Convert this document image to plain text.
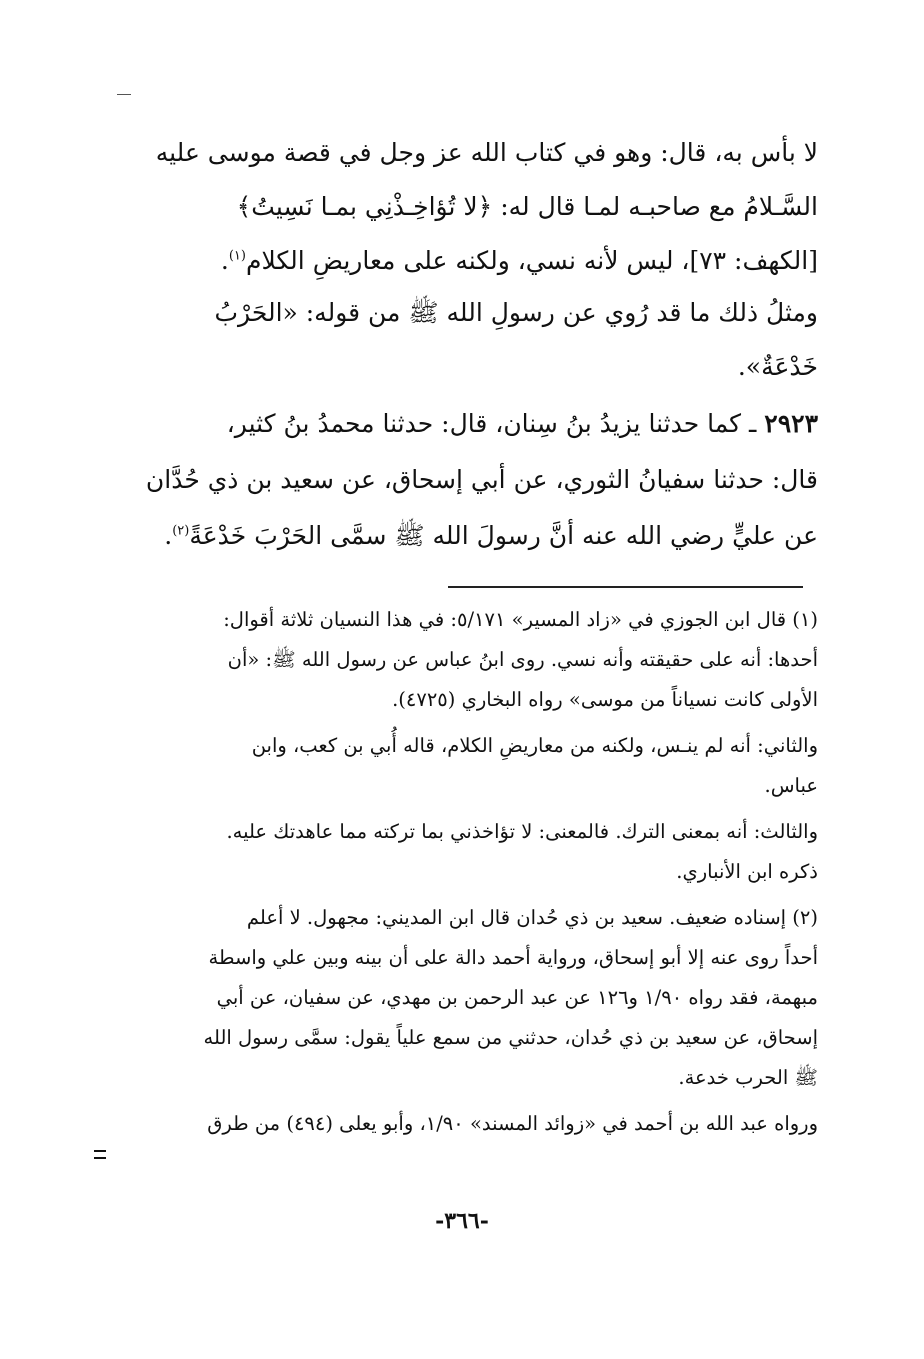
لا بأس به، قال: وهو في كتاب الله عز وجل في قصة موسى عليه
السَّـلامُ مع صاحبـه لمـا قال له: ﴿لا تُؤاخِـذْنِي بمـا نَسِيتُ﴾
[الكهف: ٧٣]، ليس لأنه نسي، ولكنه على معاريضِ الكلام$^{(١)}$.
ومثلُ ذلك ما قد رُوي عن رسولِ الله ﷺ من قوله: «الحَرْبُ
خَدْعَةٌ».
٢٩٢٣ ـ كما حدثنا يزيدُ بنُ سِنان، قال: حدثنا محمدُ بنُ كثير،
قال: حدثنا سفيانُ الثوري، عن أبي إسحاق، عن سعيد بن ذي حُدَّان
عن عليٍّ رضي الله عنه أنَّ رسولَ الله ﷺ سمَّى الحَرْبَ خَدْعَةً$^{(٢)}$.
(١) قال ابن الجوزي في «زاد المسير» ٥/١٧١: في هذا النسيان ثلاثة أقوال:
أحدها: أنه على حقيقته وأنه نسي. روى ابنُ عباس عن رسول الله ﷺ: «أن
الأولى كانت نسياناً من موسى» رواه البخاري (٤٧٢٥).
والثاني: أنه لم ينـس، ولكنه من معاريضِ الكلام، قاله أُبي بن كعب، وابن
عباس.
والثالث: أنه بمعنى الترك. فالمعنى: لا تؤاخذني بما تركته مما عاهدتك عليه.
ذكره ابن الأنباري.
(٢) إسناده ضعيف. سعيد بن ذي حُدان قال ابن المديني: مجهول. لا أعلم
أحداً روى عنه إلا أبو إسحاق، ورواية أحمد دالة على أن بينه وبين علي واسطة
مبهمة، فقد رواه ١/٩٠ و١٢٦ عن عبد الرحمن بن مهدي، عن سفيان، عن أبي
إسحاق، عن سعيد بن ذي حُدان، حدثني من سمع علياً يقول: سمَّى رسول الله
ﷺ الحرب خدعة.
ورواه عبد الله بن أحمد في «زوائد المسند» ١/٩٠، وأبو يعلى (٤٩٤) من طرق
-٣٦٦-
